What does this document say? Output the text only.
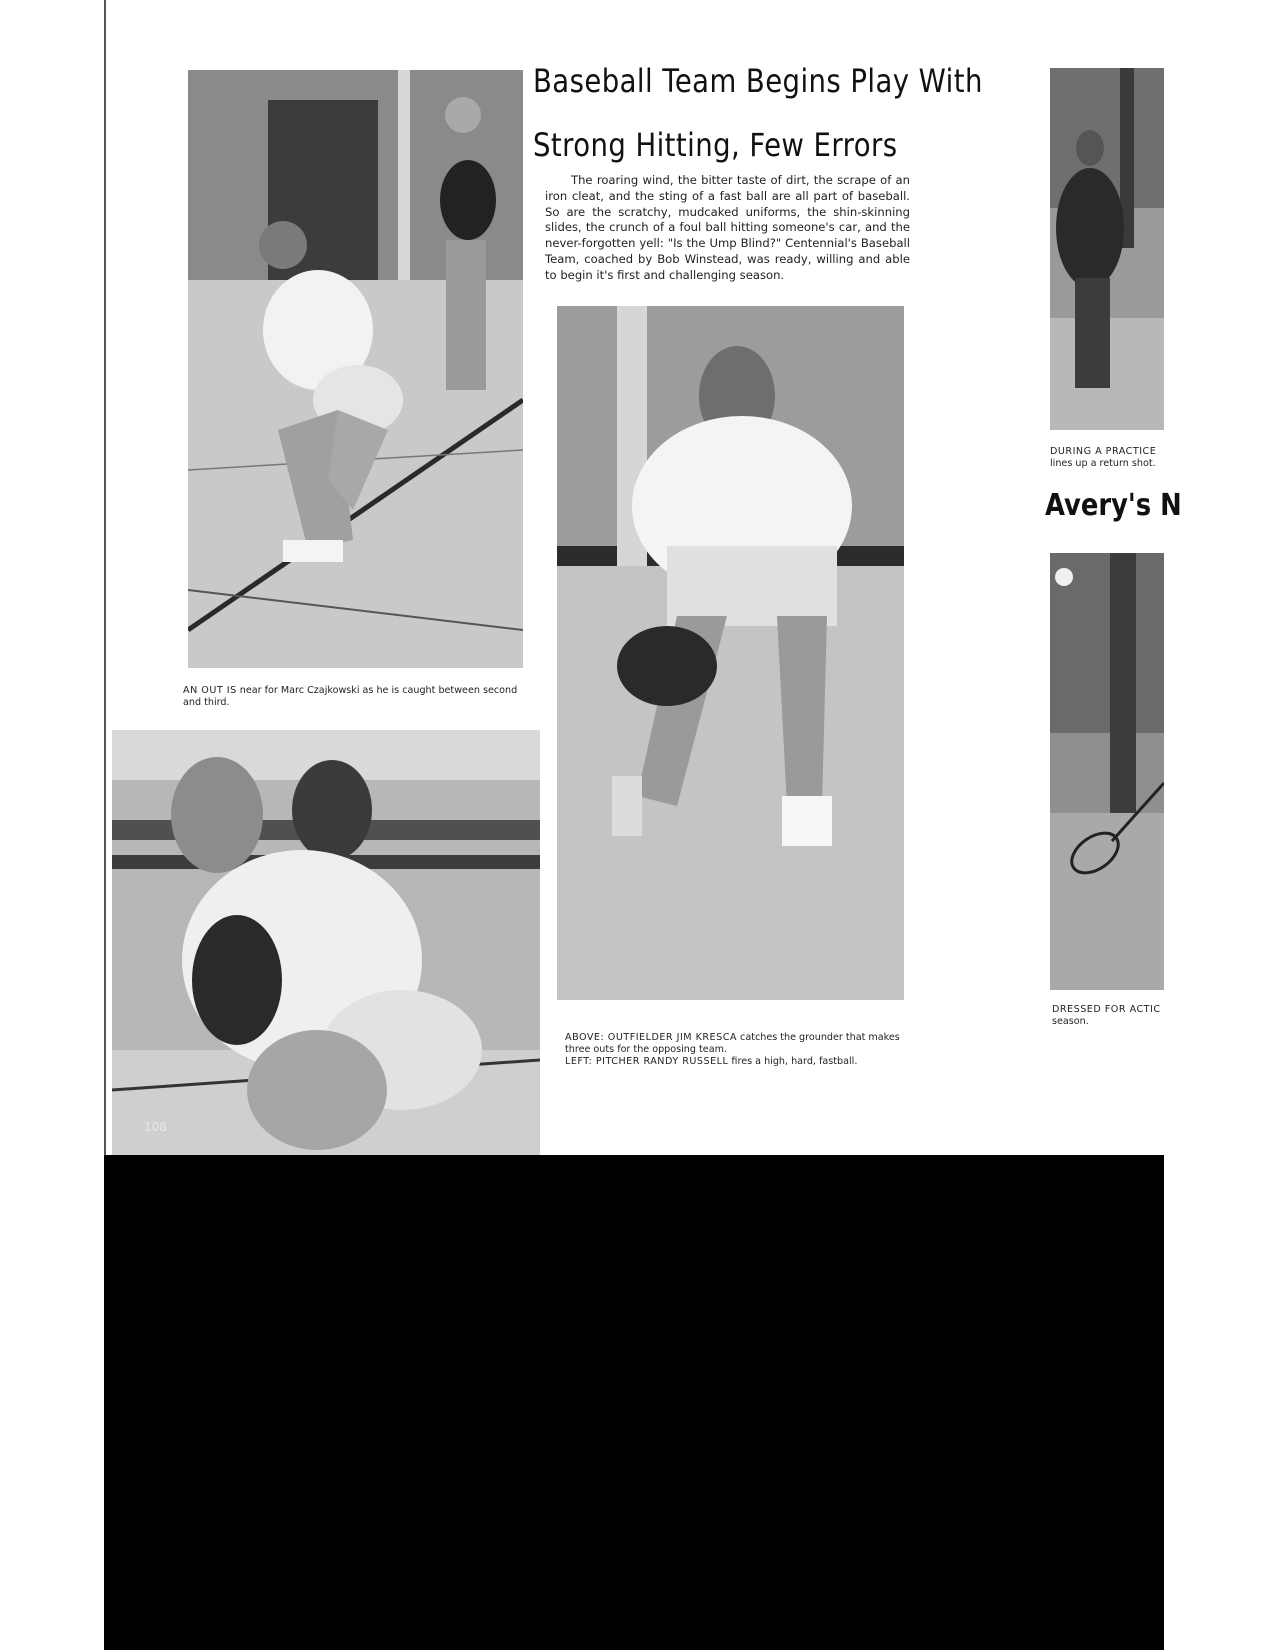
Baseball Team Begins Play With
Strong Hitting, Few Errors

The roaring wind, the bitter taste of dirt, the scrape of an iron cleat, and the sting of a fast ball are all part of baseball. So are the scratchy, mudcaked uniforms, the shin-skinning slides, the crunch of a foul ball hitting someone's car, and the never-forgotten yell: "Is the Ump Blind?" Centennial's Baseball Team, coached by Bob Winstead, was ready, willing and able to begin it's first and challenging season.

AN OUT IS near for Marc Czajkowski as he is caught between second and third.

108

ABOVE: OUTFIELDER JIM KRESCA catches the grounder that makes three outs for the opposing team.
LEFT: PITCHER RANDY RUSSELL fires a high, hard, fastball.

DURING A PRACTICE
lines up a return shot.

Avery's N

DRESSED FOR ACTIC
season.
